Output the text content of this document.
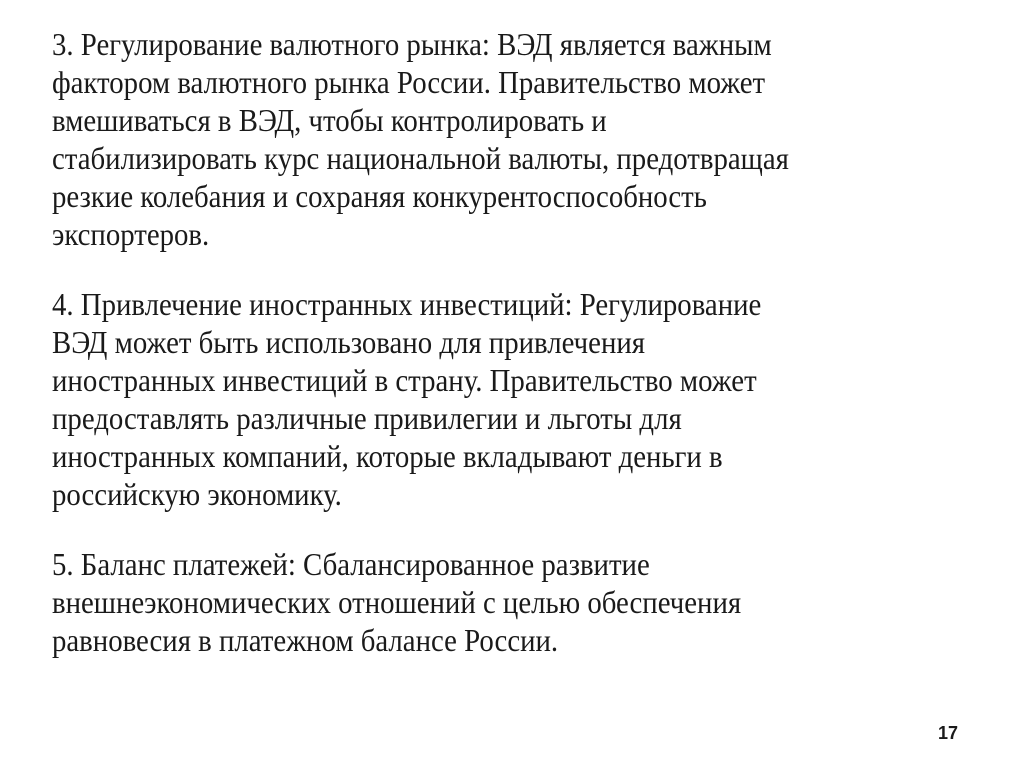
3. Регулирование валютного рынка: ВЭД является важным

фактором валютного рынка России. Правительство может

вмешиваться в ВЭД, чтобы контролировать и

стабилизировать курс национальной валюты, предотвращая

резкие колебания и сохраняя конкурентоспособность

экспортеров.

4. Привлечение иностранных инвестиций: Регулирование

ВЭД может быть использовано для привлечения

иностранных инвестиций в страну. Правительство может

предоставлять различные привилегии и льготы для

иностранных компаний, которые вкладывают деньги в

российскую экономику.

5. Баланс платежей: Сбалансированное развитие

внешнеэкономических отношений с целью обеспечения

равновесия в платежном балансе России.

17
